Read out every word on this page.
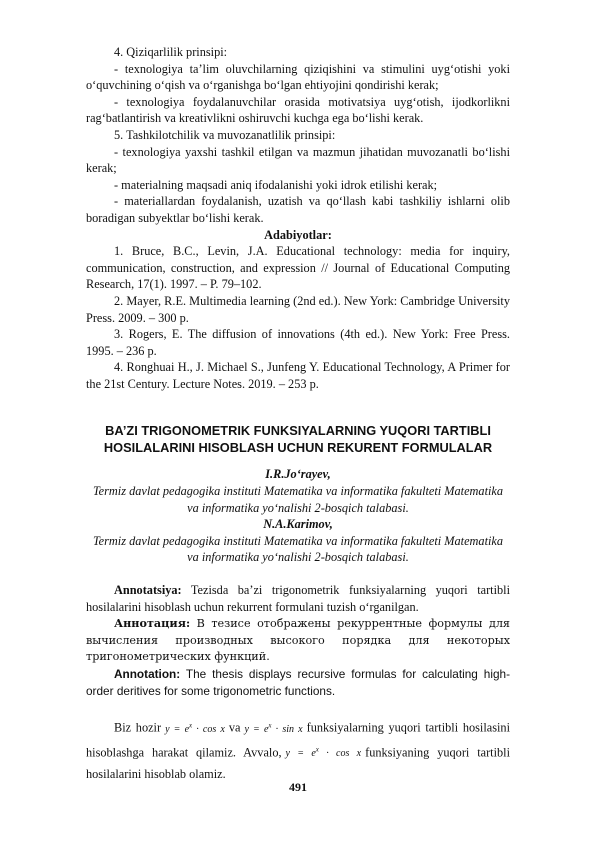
4. Qiziqarlilik prinsipi:

- texnologiya ta’lim oluvchilarning qiziqishini va stimulini uyg‘otishi yoki o‘quvchining o‘qish va o‘rganishga bo‘lgan ehtiyojini qondirishi kerak;

- texnologiya foydalanuvchilar orasida motivatsiya uyg‘otish, ijodkorlikni rag‘batlantirish va kreativlikni oshiruvchi kuchga ega bo‘lishi kerak.

5. Tashkilotchilik va muvozanatlilik prinsipi:

- texnologiya yaxshi tashkil etilgan va mazmun jihatidan muvozanatli bo‘lishi kerak;

- materialning maqsadi aniq ifodalanishi yoki idrok etilishi kerak;

- materiallardan foydalanish, uzatish va qo‘llash kabi tashkiliy ishlarni olib boradigan subyektlar bo‘lishi kerak.

Adabiyotlar:

1. Bruce, B.C., Levin, J.A. Educational technology: media for inquiry, communication, construction, and expression // Journal of Educational Computing Research, 17(1). 1997. – P. 79–102.

2. Mayer, R.E. Multimedia learning (2nd ed.). New York: Cambridge University Press. 2009. – 300 p.

3. Rogers, E. The diffusion of innovations (4th ed.). New York: Free Press. 1995. – 236 p.

4. Ronghuai H., J. Michael S., Junfeng Y. Educational Technology, A Primer for the 21st Century. Lecture Notes. 2019. – 253 p.

BA’ZI TRIGONOMETRIK FUNKSIYALARNING YUQORI TARTIBLI HOSILALARINI HISOBLASH UCHUN REKURENT FORMULALAR

I.R.Jo‘rayev,

Termiz davlat pedagogika instituti Matematika va informatika fakulteti Matematika va informatika yo‘nalishi 2-bosqich talabasi.

N.A.Karimov,

Termiz davlat pedagogika instituti Matematika va informatika fakulteti Matematika va informatika yo‘nalishi 2-bosqich talabasi.

Annotatsiya: Tezisda ba’zi trigonometrik funksiyalarning yuqori tartibli hosilalarini hisoblash uchun rekurrent formulani tuzish o‘rganilgan.

Аннотация: В тезисе отображены рекуррентные формулы для вычисления производных высокого порядка для некоторых тригонометрических функций.

Annotation: The thesis displays recursive formulas for calculating high-order deritives for some trigonometric functions.

Biz hozir $y = e^x \cdot \cos x$ va $y = e^x \cdot \sin x$ funksiyalarning yuqori tartibli hosilasini hisoblashga harakat qilamiz. Avvalo, $y = e^x \cdot \cos x$ funksiyaning yuqori tartibli hosilalarini hisoblab olamiz.

491
